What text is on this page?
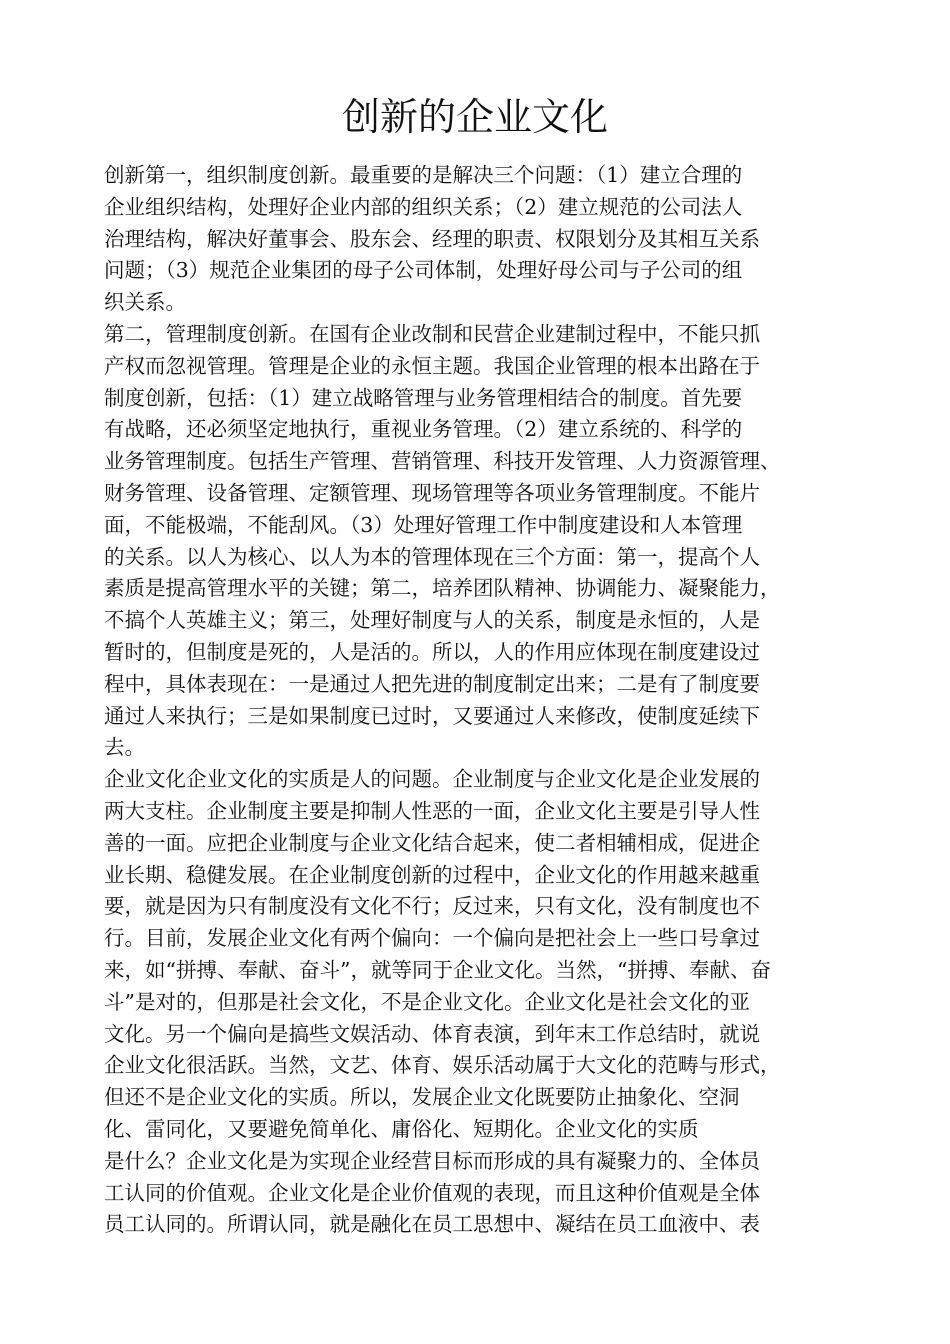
创新的企业文化
创新第一，组织制度创新。最重要的是解决三个问题：（1）建立合理的
企业组织结构，处理好企业内部的组织关系；（2）建立规范的公司法人
治理结构，解决好董事会、股东会、经理的职责、权限划分及其相互关系
问题；（3）规范企业集团的母子公司体制，处理好母公司与子公司的组
织关系。
第二，管理制度创新。在国有企业改制和民营企业建制过程中，不能只抓
产权而忽视管理。管理是企业的永恒主题。我国企业管理的根本出路在于
制度创新，包括：（1）建立战略管理与业务管理相结合的制度。首先要
有战略，还必须坚定地执行，重视业务管理。（2）建立系统的、科学的
业务管理制度。包括生产管理、营销管理、科技开发管理、人力资源管理、
财务管理、设备管理、定额管理、现场管理等各项业务管理制度。不能片
面，不能极端，不能刮风。（3）处理好管理工作中制度建设和人本管理
的关系。以人为核心、以人为本的管理体现在三个方面：第一，提高个人
素质是提高管理水平的关键；第二，培养团队精神、协调能力、凝聚能力，
不搞个人英雄主义；第三，处理好制度与人的关系，制度是永恒的，人是
暂时的，但制度是死的，人是活的。所以，人的作用应体现在制度建设过
程中，具体表现在：一是通过人把先进的制度制定出来；二是有了制度要
通过人来执行；三是如果制度已过时，又要通过人来修改，使制度延续下
去。
企业文化企业文化的实质是人的问题。企业制度与企业文化是企业发展的
两大支柱。企业制度主要是抑制人性恶的一面，企业文化主要是引导人性
善的一面。应把企业制度与企业文化结合起来，使二者相辅相成，促进企
业长期、稳健发展。在企业制度创新的过程中，企业文化的作用越来越重
要，就是因为只有制度没有文化不行；反过来，只有文化，没有制度也不
行。目前，发展企业文化有两个偏向：一个偏向是把社会上一些口号拿过
来，如“拼搏、奉献、奋斗”，就等同于企业文化。当然，“拼搏、奉献、奋
斗”是对的，但那是社会文化，不是企业文化。企业文化是社会文化的亚
文化。另一个偏向是搞些文娱活动、体育表演，到年末工作总结时，就说
企业文化很活跃。当然，文艺、体育、娱乐活动属于大文化的范畴与形式，
但还不是企业文化的实质。所以，发展企业文化既要防止抽象化、空洞
化、雷同化，又要避免简单化、庸俗化、短期化。企业文化的实质
是什么？企业文化是为实现企业经营目标而形成的具有凝聚力的、全体员
工认同的价值观。企业文化是企业价值观的表现，而且这种价值观是全体
员工认同的。所谓认同，就是融化在员工思想中、凝结在员工血液中、表
